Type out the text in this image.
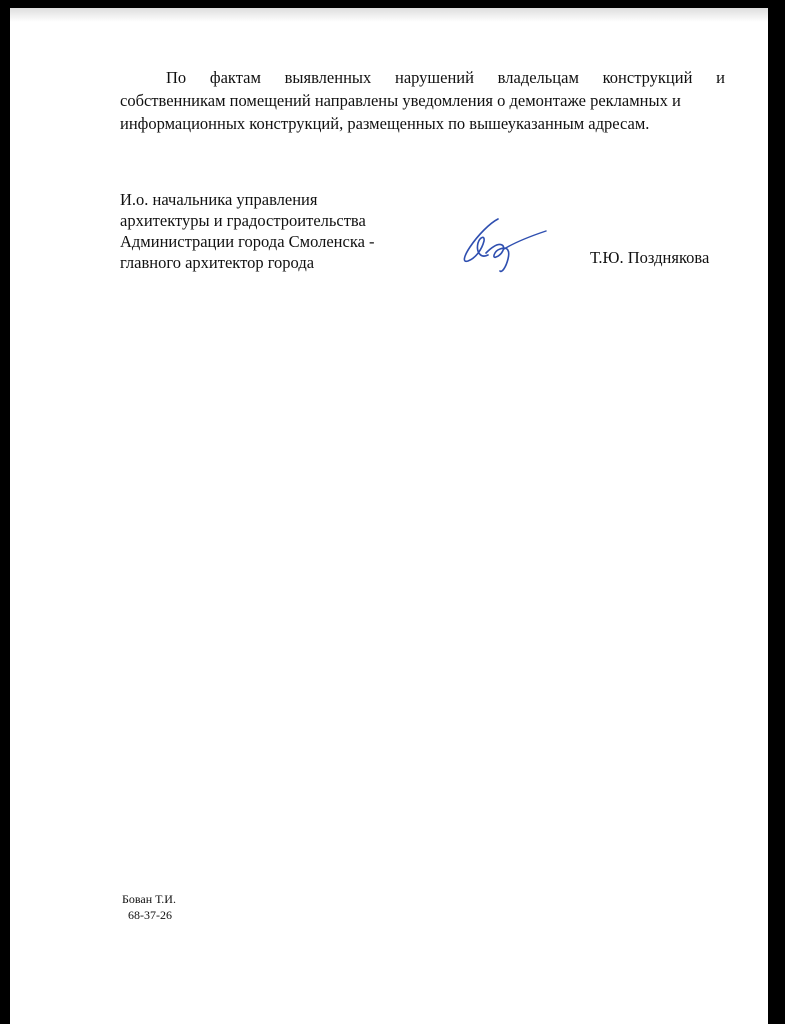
По фактам выявленных нарушений владельцам конструкций и
собственникам помещений направлены уведомления о демонтаже рекламных и
информационных конструкций, размещенных по вышеуказанным адресам.
И.о. начальника управления
архитектуры и градостроительства
Администрации города Смоленска -
главного архитектор города	Т.Ю. Позднякова
Бован Т.И.
68-37-26
